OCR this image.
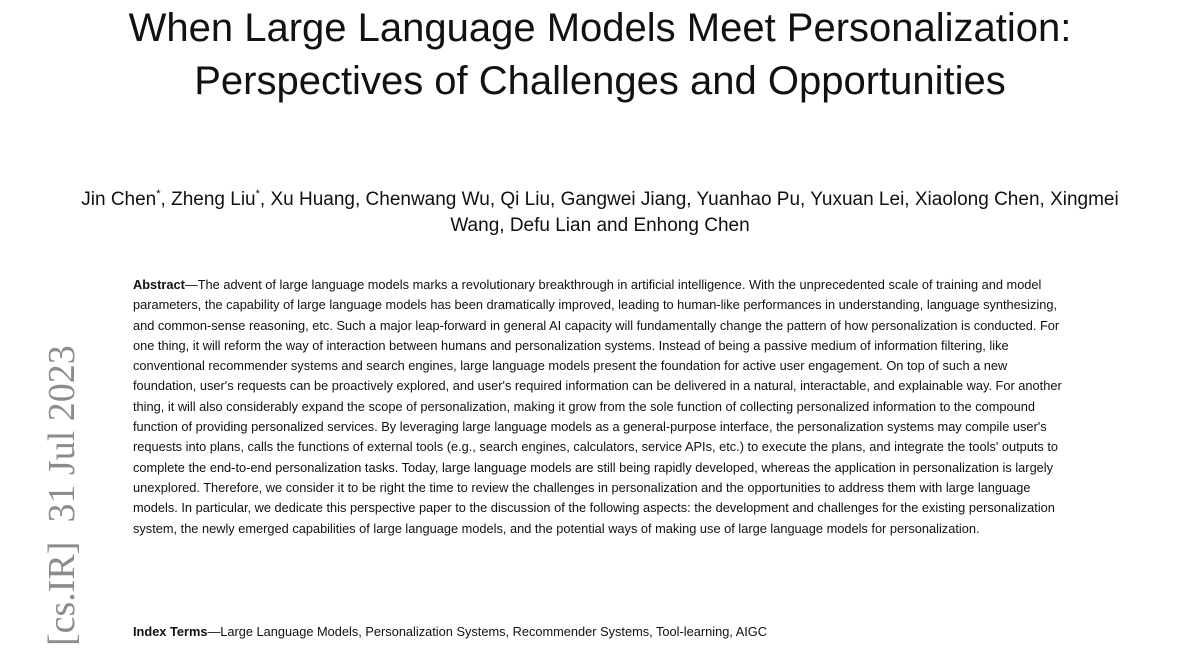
When Large Language Models Meet Personalization: Perspectives of Challenges and Opportunities
Jin Chen*, Zheng Liu*, Xu Huang, Chenwang Wu, Qi Liu, Gangwei Jiang, Yuanhao Pu, Yuxuan Lei, Xiaolong Chen, Xingmei Wang, Defu Lian and Enhong Chen

Abstract—The advent of large language models marks a revolutionary breakthrough in artificial intelligence. With the unprecedented scale of training and model parameters, the capability of large language models has been dramatically improved, leading to human-like performances in understanding, language synthesizing, and common-sense reasoning, etc. Such a major leap-forward in general AI capacity will fundamentally change the pattern of how personalization is conducted. For one thing, it will reform the way of interaction between humans and personalization systems. Instead of being a passive medium of information filtering, like conventional recommender systems and search engines, large language models present the foundation for active user engagement. On top of such a new foundation, user's requests can be proactively explored, and user's required information can be delivered in a natural, interactable, and explainable way. For another thing, it will also considerably expand the scope of personalization, making it grow from the sole function of collecting personalized information to the compound function of providing personalized services. By leveraging large language models as a general-purpose interface, the personalization systems may compile user's requests into plans, calls the functions of external tools (e.g., search engines, calculators, service APIs, etc.) to execute the plans, and integrate the tools' outputs to complete the end-to-end personalization tasks. Today, large language models are still being rapidly developed, whereas the application in personalization is largely unexplored. Therefore, we consider it to be right the time to review the challenges in personalization and the opportunities to address them with large language models. In particular, we dedicate this perspective paper to the discussion of the following aspects: the development and challenges for the existing personalization system, the newly emerged capabilities of large language models, and the potential ways of making use of large language models for personalization.

Index Terms—Large Language Models, Personalization Systems, Recommender Systems, Tool-learning, AIGC

[cs.IR]  31 Jul 2023
